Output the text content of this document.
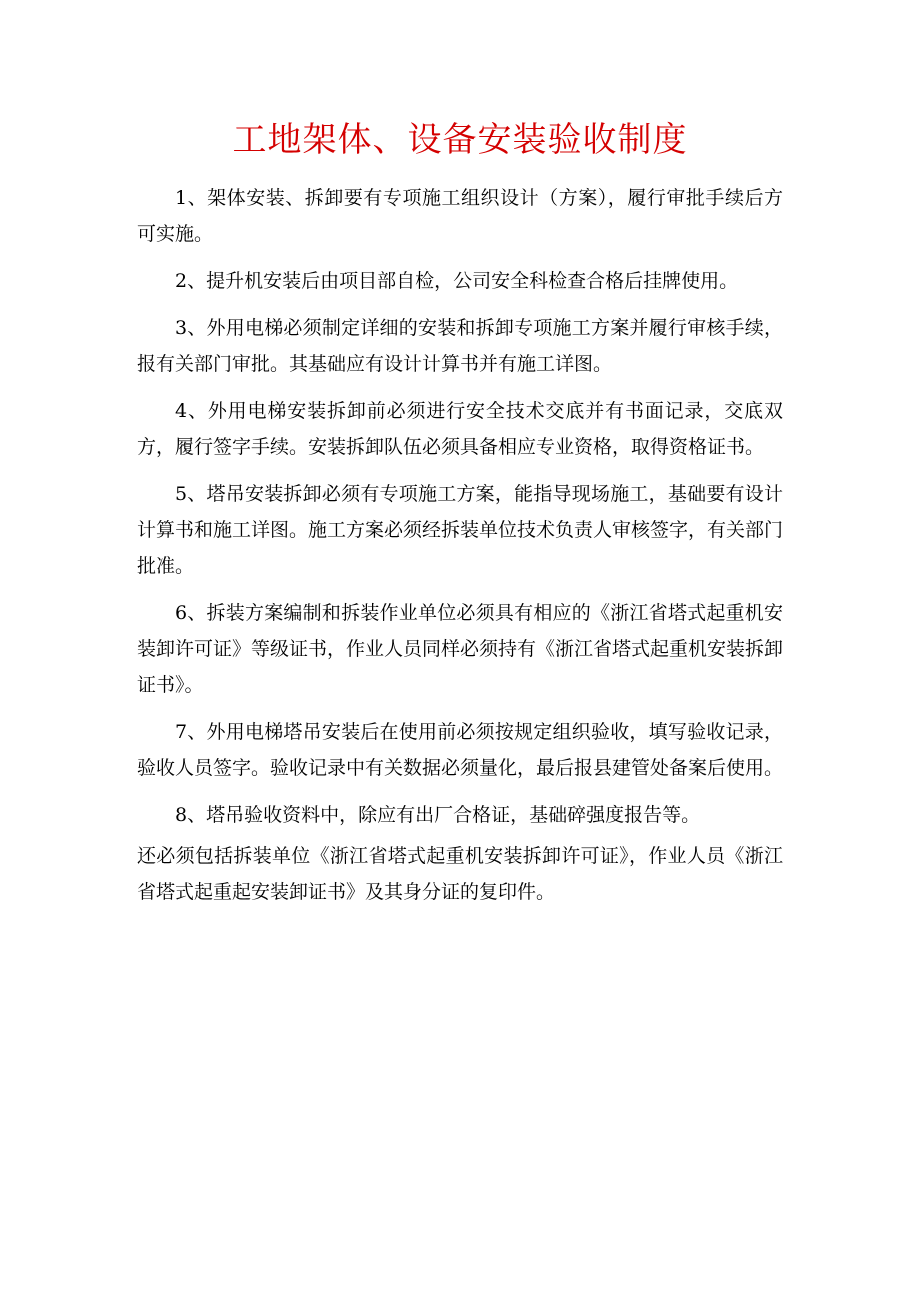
工地架体、设备安装验收制度

1、架体安装、拆卸要有专项施工组织设计（方案），履行审批手续后方可实施。

2、提升机安装后由项目部自检，公司安全科检查合格后挂牌使用。

3、外用电梯必须制定详细的安装和拆卸专项施工方案并履行审核手续，报有关部门审批。其基础应有设计计算书并有施工详图。

4、外用电梯安装拆卸前必须进行安全技术交底并有书面记录，交底双方，履行签字手续。安装拆卸队伍必须具备相应专业资格，取得资格证书。

5、塔吊安装拆卸必须有专项施工方案，能指导现场施工，基础要有设计计算书和施工详图。施工方案必须经拆装单位技术负责人审核签字，有关部门批准。

6、拆装方案编制和拆装作业单位必须具有相应的《浙江省塔式起重机安装卸许可证》等级证书，作业人员同样必须持有《浙江省塔式起重机安装拆卸证书》。

7、外用电梯塔吊安装后在使用前必须按规定组织验收，填写验收记录，验收人员签字。验收记录中有关数据必须量化，最后报县建管处备案后使用。

8、塔吊验收资料中，除应有出厂合格证，基础碎强度报告等。

还必须包括拆装单位《浙江省塔式起重机安装拆卸许可证》，作业人员《浙江省塔式起重起安装卸证书》及其身分证的复印件。
